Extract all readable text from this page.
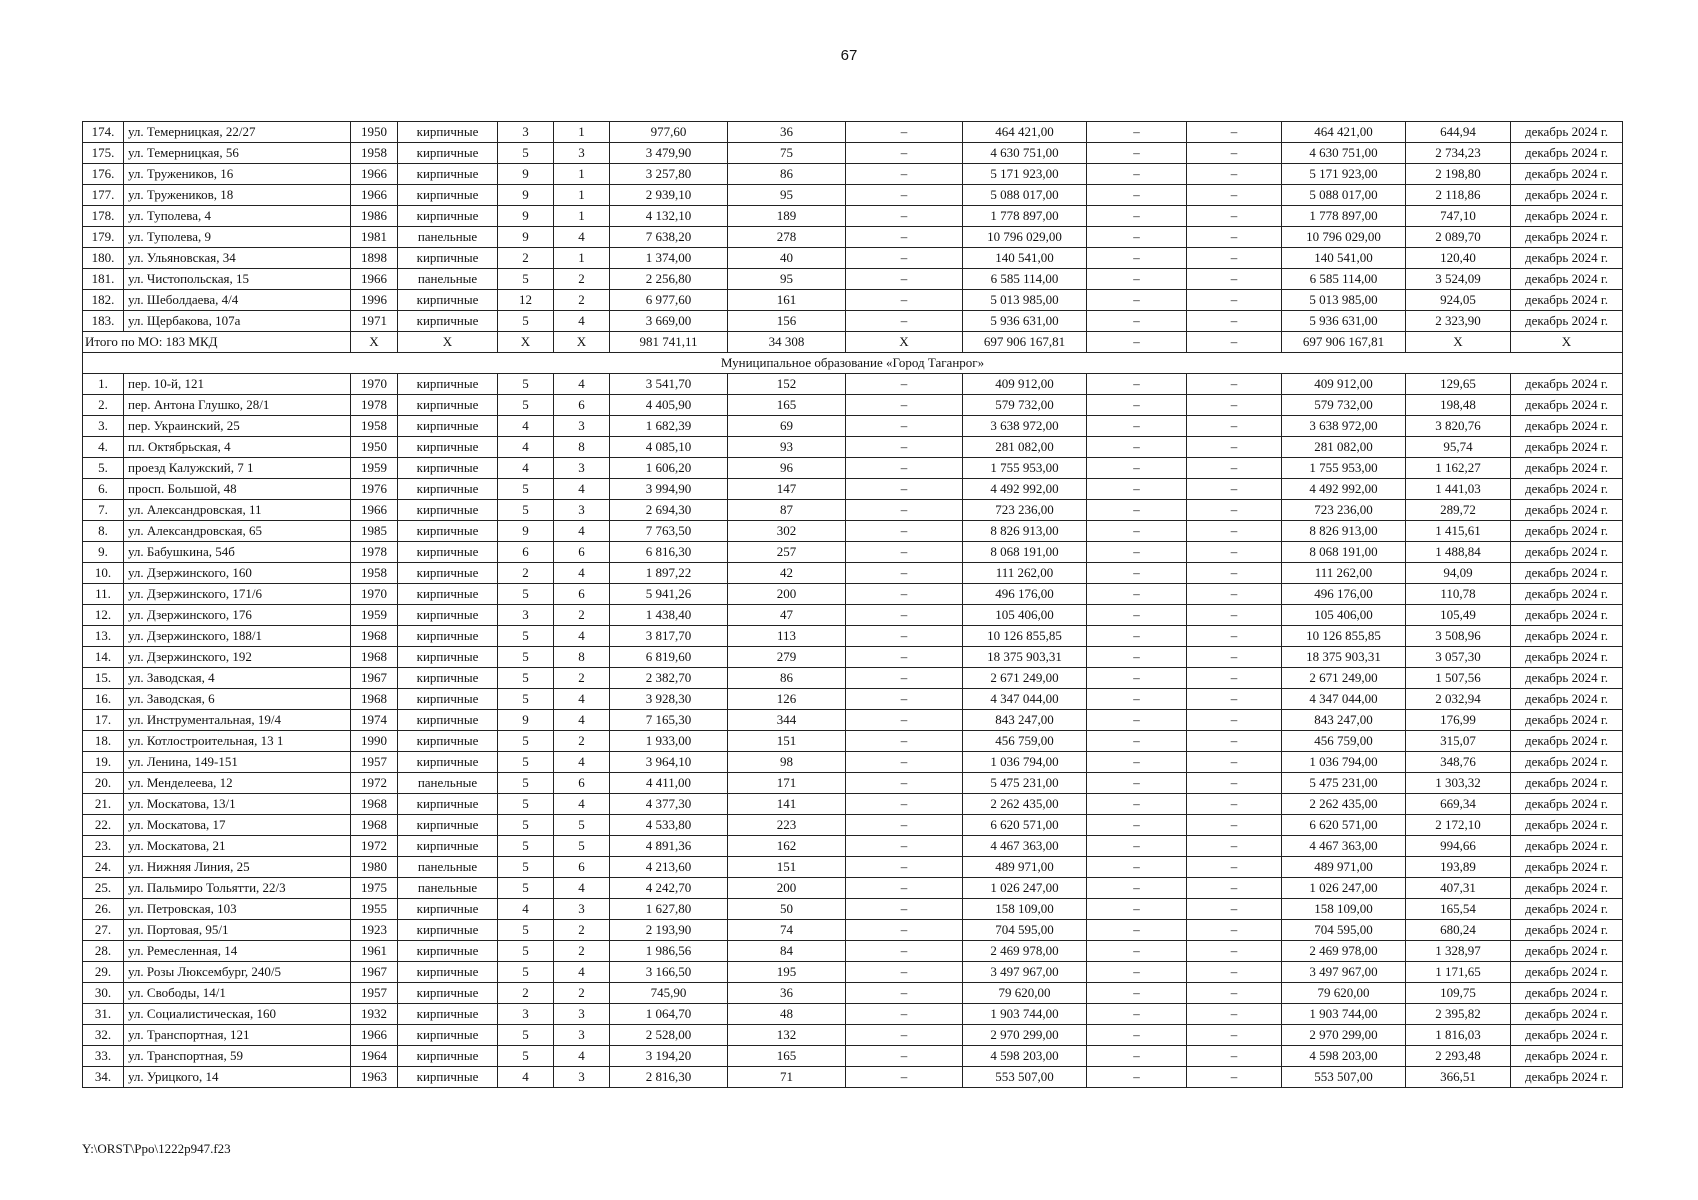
67
174.	ул. Темерницкая, 22/27	1950	кирпичные	3	1	977,60	36	–	464 421,00	–	–	464 421,00	644,94	декабрь 2024 г.
175.	ул. Темерницкая, 56	1958	кирпичные	5	3	3 479,90	75	–	4 630 751,00	–	–	4 630 751,00	2 734,23	декабрь 2024 г.
176.	ул. Тружеников, 16	1966	кирпичные	9	1	3 257,80	86	–	5 171 923,00	–	–	5 171 923,00	2 198,80	декабрь 2024 г.
177.	ул. Тружеников, 18	1966	кирпичные	9	1	2 939,10	95	–	5 088 017,00	–	–	5 088 017,00	2 118,86	декабрь 2024 г.
178.	ул. Туполева, 4	1986	кирпичные	9	1	4 132,10	189	–	1 778 897,00	–	–	1 778 897,00	747,10	декабрь 2024 г.
179.	ул. Туполева, 9	1981	панельные	9	4	7 638,20	278	–	10 796 029,00	–	–	10 796 029,00	2 089,70	декабрь 2024 г.
180.	ул. Ульяновская, 34	1898	кирпичные	2	1	1 374,00	40	–	140 541,00	–	–	140 541,00	120,40	декабрь 2024 г.
181.	ул. Чистопольская, 15	1966	панельные	5	2	2 256,80	95	–	6 585 114,00	–	–	6 585 114,00	3 524,09	декабрь 2024 г.
182.	ул. Шеболдаева, 4/4	1996	кирпичные	12	2	6 977,60	161	–	5 013 985,00	–	–	5 013 985,00	924,05	декабрь 2024 г.
183.	ул. Щербакова, 107а	1971	кирпичные	5	4	3 669,00	156	–	5 936 631,00	–	–	5 936 631,00	2 323,90	декабрь 2024 г.
Итого по МО: 183 МКД		X	X	X	X	981 741,11	34 308	X	697 906 167,81	–	–	697 906 167,81	X	X
Муниципальное образование «Город Таганрог»														
1.	пер. 10-й, 121	1970	кирпичные	5	4	3 541,70	152	–	409 912,00	–	–	409 912,00	129,65	декабрь 2024 г.
2.	пер. Антона Глушко, 28/1	1978	кирпичные	5	6	4 405,90	165	–	579 732,00	–	–	579 732,00	198,48	декабрь 2024 г.
3.	пер. Украинский, 25	1958	кирпичные	4	3	1 682,39	69	–	3 638 972,00	–	–	3 638 972,00	3 820,76	декабрь 2024 г.
4.	пл. Октябрьская, 4	1950	кирпичные	4	8	4 085,10	93	–	281 082,00	–	–	281 082,00	95,74	декабрь 2024 г.
5.	проезд Калужский, 7 1	1959	кирпичные	4	3	1 606,20	96	–	1 755 953,00	–	–	1 755 953,00	1 162,27	декабрь 2024 г.
6.	просп. Большой, 48	1976	кирпичные	5	4	3 994,90	147	–	4 492 992,00	–	–	4 492 992,00	1 441,03	декабрь 2024 г.
7.	ул. Александровская, 11	1966	кирпичные	5	3	2 694,30	87	–	723 236,00	–	–	723 236,00	289,72	декабрь 2024 г.
8.	ул. Александровская, 65	1985	кирпичные	9	4	7 763,50	302	–	8 826 913,00	–	–	8 826 913,00	1 415,61	декабрь 2024 г.
9.	ул. Бабушкина, 54б	1978	кирпичные	6	6	6 816,30	257	–	8 068 191,00	–	–	8 068 191,00	1 488,84	декабрь 2024 г.
10.	ул. Дзержинского, 160	1958	кирпичные	2	4	1 897,22	42	–	111 262,00	–	–	111 262,00	94,09	декабрь 2024 г.
11.	ул. Дзержинского, 171/6	1970	кирпичные	5	6	5 941,26	200	–	496 176,00	–	–	496 176,00	110,78	декабрь 2024 г.
12.	ул. Дзержинского, 176	1959	кирпичные	3	2	1 438,40	47	–	105 406,00	–	–	105 406,00	105,49	декабрь 2024 г.
13.	ул. Дзержинского, 188/1	1968	кирпичные	5	4	3 817,70	113	–	10 126 855,85	–	–	10 126 855,85	3 508,96	декабрь 2024 г.
14.	ул. Дзержинского, 192	1968	кирпичные	5	8	6 819,60	279	–	18 375 903,31	–	–	18 375 903,31	3 057,30	декабрь 2024 г.
15.	ул. Заводская, 4	1967	кирпичные	5	2	2 382,70	86	–	2 671 249,00	–	–	2 671 249,00	1 507,56	декабрь 2024 г.
16.	ул. Заводская, 6	1968	кирпичные	5	4	3 928,30	126	–	4 347 044,00	–	–	4 347 044,00	2 032,94	декабрь 2024 г.
17.	ул. Инструментальная, 19/4	1974	кирпичные	9	4	7 165,30	344	–	843 247,00	–	–	843 247,00	176,99	декабрь 2024 г.
18.	ул. Котлостроительная, 13 1	1990	кирпичные	5	2	1 933,00	151	–	456 759,00	–	–	456 759,00	315,07	декабрь 2024 г.
19.	ул. Ленина, 149-151	1957	кирпичные	5	4	3 964,10	98	–	1 036 794,00	–	–	1 036 794,00	348,76	декабрь 2024 г.
20.	ул. Менделеева, 12	1972	панельные	5	6	4 411,00	171	–	5 475 231,00	–	–	5 475 231,00	1 303,32	декабрь 2024 г.
21.	ул. Москатова, 13/1	1968	кирпичные	5	4	4 377,30	141	–	2 262 435,00	–	–	2 262 435,00	669,34	декабрь 2024 г.
22.	ул. Москатова, 17	1968	кирпичные	5	5	4 533,80	223	–	6 620 571,00	–	–	6 620 571,00	2 172,10	декабрь 2024 г.
23.	ул. Москатова, 21	1972	кирпичные	5	5	4 891,36	162	–	4 467 363,00	–	–	4 467 363,00	994,66	декабрь 2024 г.
24.	ул. Нижняя Линия, 25	1980	панельные	5	6	4 213,60	151	–	489 971,00	–	–	489 971,00	193,89	декабрь 2024 г.
25.	ул. Пальмиро Тольятти, 22/3	1975	панельные	5	4	4 242,70	200	–	1 026 247,00	–	–	1 026 247,00	407,31	декабрь 2024 г.
26.	ул. Петровская, 103	1955	кирпичные	4	3	1 627,80	50	–	158 109,00	–	–	158 109,00	165,54	декабрь 2024 г.
27.	ул. Портовая, 95/1	1923	кирпичные	5	2	2 193,90	74	–	704 595,00	–	–	704 595,00	680,24	декабрь 2024 г.
28.	ул. Ремесленная, 14	1961	кирпичные	5	2	1 986,56	84	–	2 469 978,00	–	–	2 469 978,00	1 328,97	декабрь 2024 г.
29.	ул. Розы Люксембург, 240/5	1967	кирпичные	5	4	3 166,50	195	–	3 497 967,00	–	–	3 497 967,00	1 171,65	декабрь 2024 г.
30.	ул. Свободы, 14/1	1957	кирпичные	2	2	745,90	36	–	79 620,00	–	–	79 620,00	109,75	декабрь 2024 г.
31.	ул. Социалистическая, 160	1932	кирпичные	3	3	1 064,70	48	–	1 903 744,00	–	–	1 903 744,00	2 395,82	декабрь 2024 г.
32.	ул. Транспортная, 121	1966	кирпичные	5	3	2 528,00	132	–	2 970 299,00	–	–	2 970 299,00	1 816,03	декабрь 2024 г.
33.	ул. Транспортная, 59	1964	кирпичные	5	4	3 194,20	165	–	4 598 203,00	–	–	4 598 203,00	2 293,48	декабрь 2024 г.
34.	ул. Урицкого, 14	1963	кирпичные	4	3	2 816,30	71	–	553 507,00	–	–	553 507,00	366,51	декабрь 2024 г.
Y:\ORST\Ppo\1222p947.f23
